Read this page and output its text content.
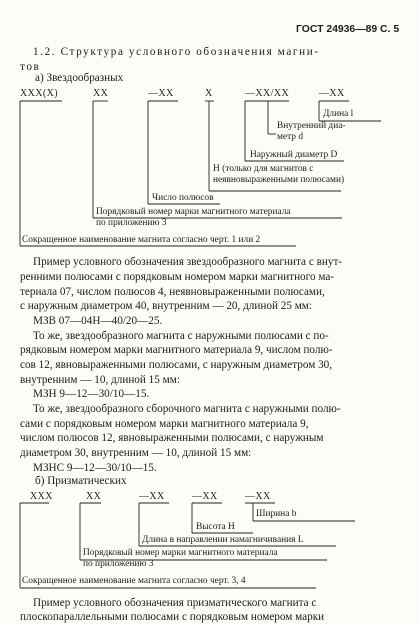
ГОСТ 24936—89 С. 5
1.2. Структура условного обозначения магни-
тов
а) Звездообразных
XXX(X)	XX	—XX	X	—XX/XX	—XX
Длина l
Внутренний диа-
метр d
Наружный диаметр D
H (только для магнитов с
неявновыраженными полюсами)
Число полюсов
Порядковый номер марки магнитного материала
по приложению 3
Сокращенное наименование магнита согласно черт. 1 или 2
Пример условного обозначения звездообразного магнита с внут-
ренними полюсами с порядковым номером марки магнитного ма-
териала 07, числом полюсов 4, неявновыраженными полюсами,
с наружным диаметром 40, внутренним — 20, длиной 25 мм:
МЗВ 07—04Н—40/20—25.
То же, звездообразного магнита с наружными полюсами с по-
рядковым номером марки магнитного материала 9, числом полю-
сов 12, явновыраженными полюсами, с наружным диаметром 30,
внутренним — 10, длиной 15 мм:
МЗН 9—12—30/10—15.
То же, звездообразного сборочного магнита с наружными полю-
сами с порядковым номером марки магнитного материала 9,
числом полюсов 12, явновыраженными полюсами, с наружным
диаметром 30, внутренним — 10, длиной 15 мм:
МЗНС 9—12—30/10—15.
б) Призматических
XXX	XX	—XX	—XX	—XX
Ширина b
Высота H
Длина в направлении намагничивания L
Порядковый номер марки магнитного материала
по приложению 3
Сокращенное наименование магнита согласно черт. 3, 4
Пример условного обозначения призматического магнита с
плоскопараллельными полюсами с порядковым номером марки
